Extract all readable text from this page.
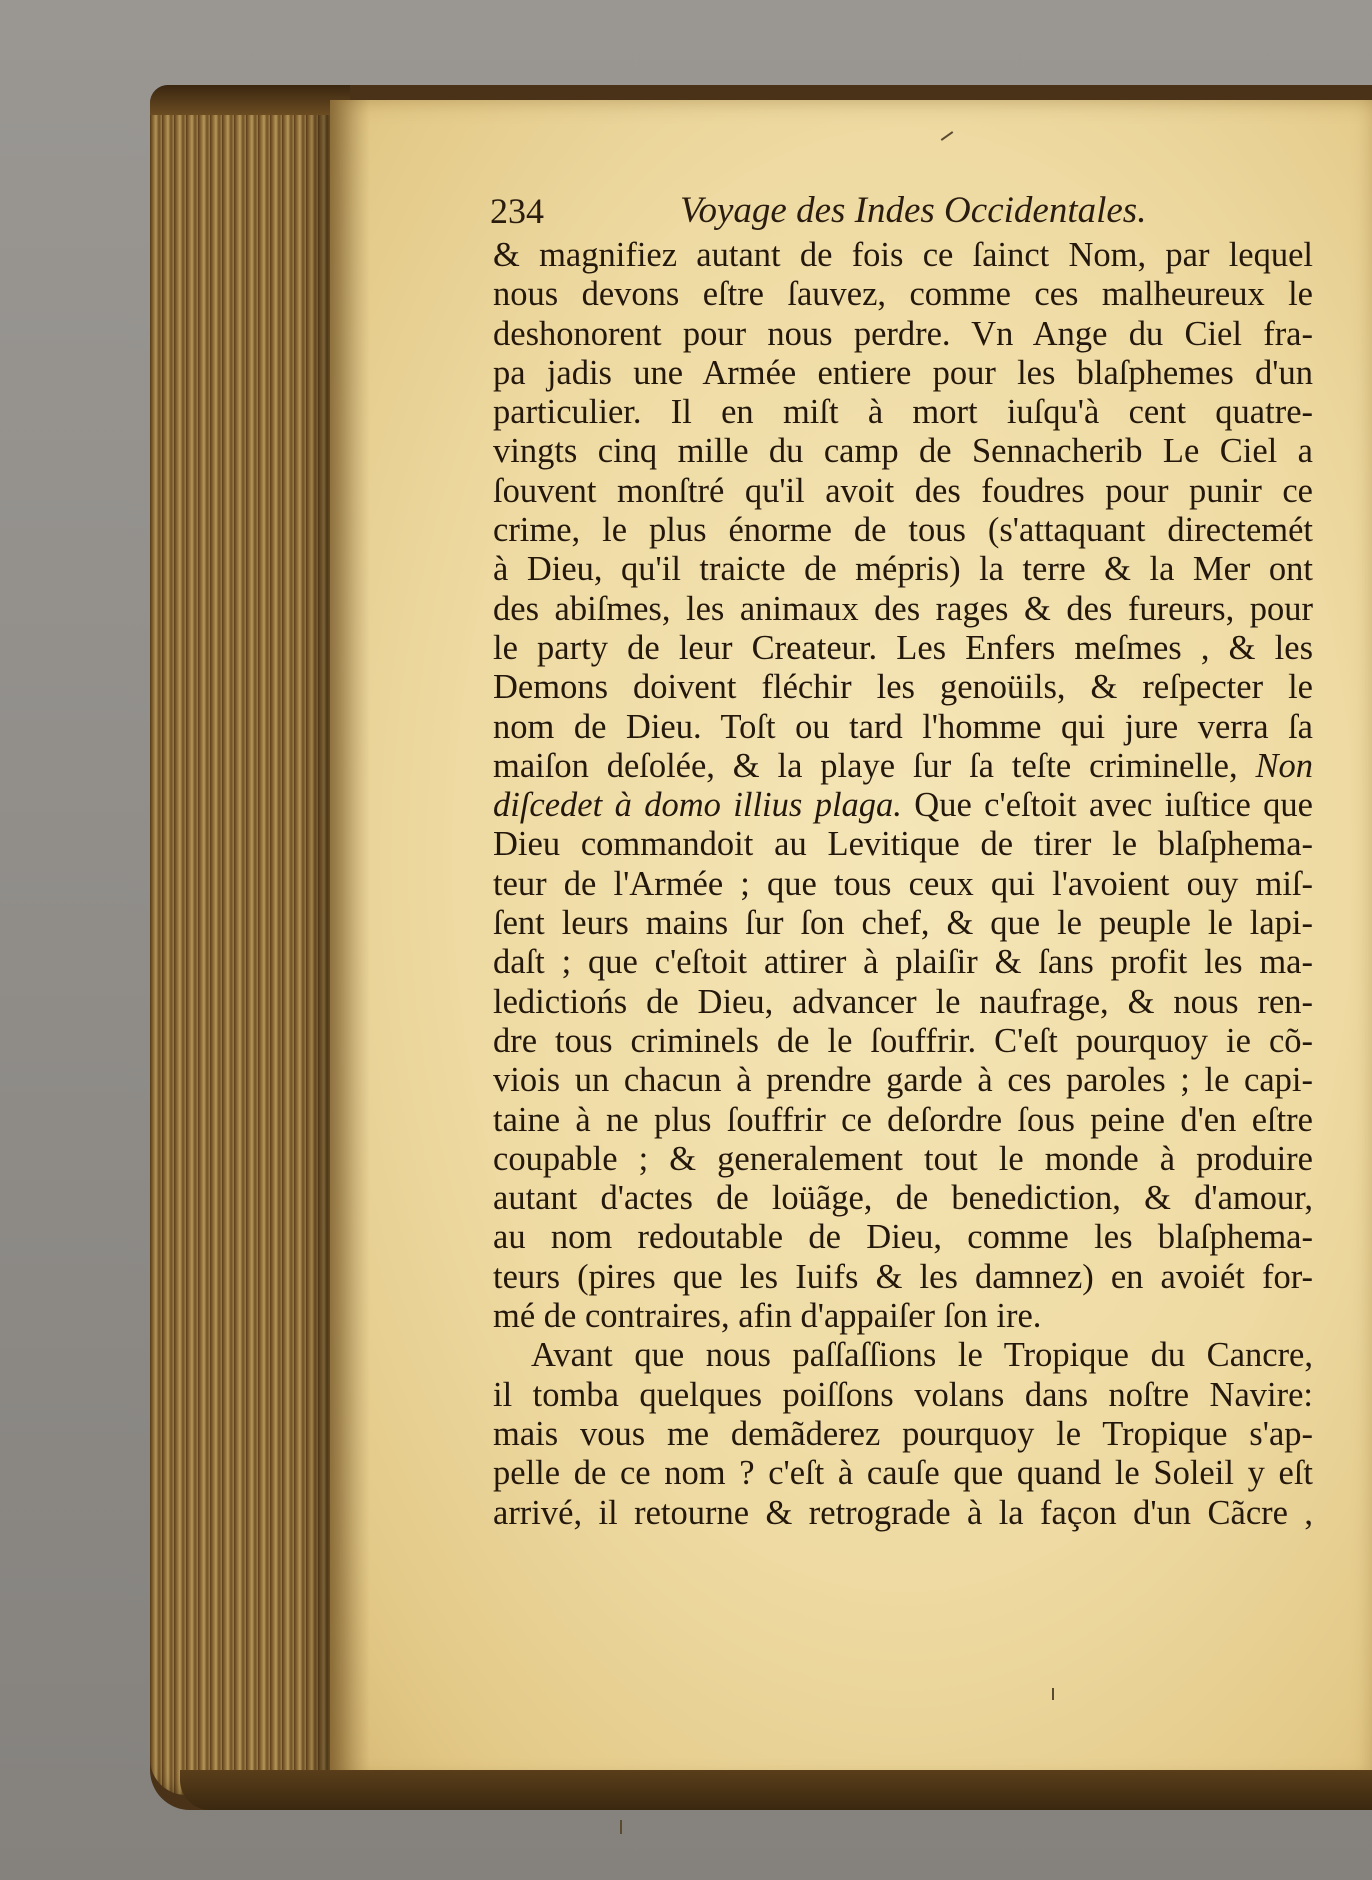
234	Voyage des Indes Occidentales.
& magnifiez autant de fois ce ſainct Nom, par lequel
nous devons eſtre ſauvez, comme ces malheureux le
deshonorent pour nous perdre. Vn Ange du Ciel fra-
pa jadis une Armée entiere pour les blaſphemes d'un
particulier. Il en miſt à mort iuſqu'à cent quatre-
vingts cinq mille du camp de Sennacherib Le Ciel a
ſouvent monſtré qu'il avoit des foudres pour punir ce
crime, le plus énorme de tous (s'attaquant directemét
à Dieu, qu'il traicte de mépris) la terre & la Mer ont
des abiſmes, les animaux des rages & des fureurs, pour
le party de leur Createur. Les Enfers meſmes , & les
Demons doivent fléchir les genoüils, & reſpecter le
nom de Dieu. Toſt ou tard l'homme qui jure verra ſa
maiſon deſolée, & la playe ſur ſa teſte criminelle, Non
diſcedet à domo illius plaga. Que c'eſtoit avec iuſtice que
Dieu commandoit au Levitique de tirer le blaſphema-
teur de l'Armée ; que tous ceux qui l'avoient ouy miſ-
ſent leurs mains ſur ſon chef, & que le peuple le lapi-
daſt ; que c'eſtoit attirer à plaiſir & ſans profit les ma-
ledictiońs de Dieu, advancer le naufrage, & nous ren-
dre tous criminels de le ſouffrir. C'eſt pourquoy ie cõ-
viois un chacun à prendre garde à ces paroles ; le capi-
taine à ne plus ſouffrir ce deſordre ſous peine d'en eſtre
coupable ; & generalement tout le monde à produire
autant d'actes de loüãge, de benediction, & d'amour,
au nom redoutable de Dieu, comme les blaſphema-
teurs (pires que les Iuifs & les damnez) en avoiét for-
mé de contraires, afin d'appaiſer ſon ire.
Avant que nous paſſaſſions le Tropique du Cancre,
il tomba quelques poiſſons volans dans noſtre Navire:
mais vous me demãderez pourquoy le Tropique s'ap-
pelle de ce nom ? c'eſt à cauſe que quand le Soleil y eſt
arrivé, il retourne & retrograde à la façon d'un Cãcre ,
